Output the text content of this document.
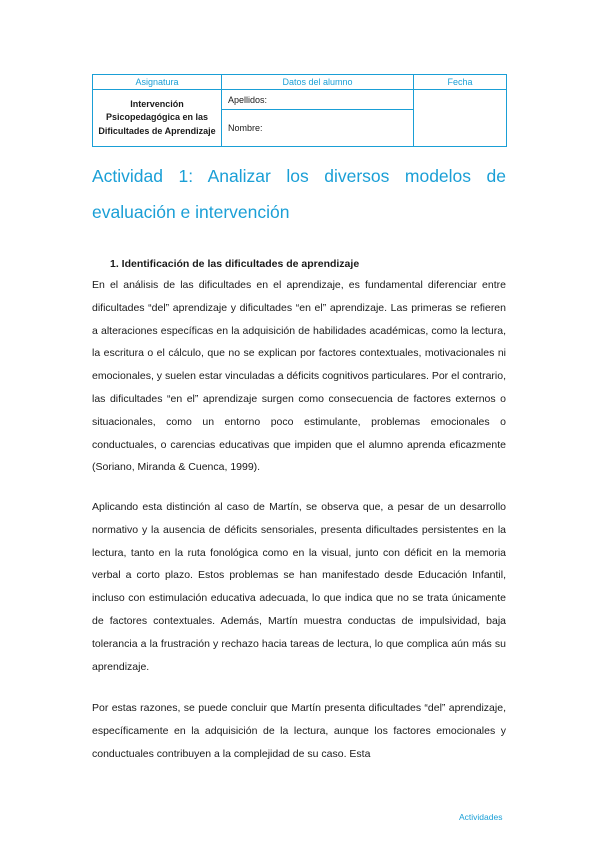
Asignatura	Datos del alumno	Fecha
Intervención Psicopedagógica en las Dificultades de Aprendizaje	Apellidos:	
	Nombre:	
Actividad 1: Analizar los diversos modelos de evaluación e intervención
1. Identificación de las dificultades de aprendizaje

En el análisis de las dificultades en el aprendizaje, es fundamental diferenciar entre dificultades “del” aprendizaje y dificultades “en el” aprendizaje. Las primeras se refieren a alteraciones específicas en la adquisición de habilidades académicas, como la lectura, la escritura o el cálculo, que no se explican por factores contextuales, motivacionales ni emocionales, y suelen estar vinculadas a déficits cognitivos particulares. Por el contrario, las dificultades “en el” aprendizaje surgen como consecuencia de factores externos o situacionales, como un entorno poco estimulante, problemas emocionales o conductuales, o carencias educativas que impiden que el alumno aprenda eficazmente (Soriano, Miranda & Cuenca, 1999).

Aplicando esta distinción al caso de Martín, se observa que, a pesar de un desarrollo normativo y la ausencia de déficits sensoriales, presenta dificultades persistentes en la lectura, tanto en la ruta fonológica como en la visual, junto con déficit en la memoria verbal a corto plazo. Estos problemas se han manifestado desde Educación Infantil, incluso con estimulación educativa adecuada, lo que indica que no se trata únicamente de factores contextuales. Además, Martín muestra conductas de impulsividad, baja tolerancia a la frustración y rechazo hacia tareas de lectura, lo que complica aún más su aprendizaje.

Por estas razones, se puede concluir que Martín presenta dificultades “del” aprendizaje, específicamente en la adquisición de la lectura, aunque los factores emocionales y conductuales contribuyen a la complejidad de su caso. Esta

Actividades
